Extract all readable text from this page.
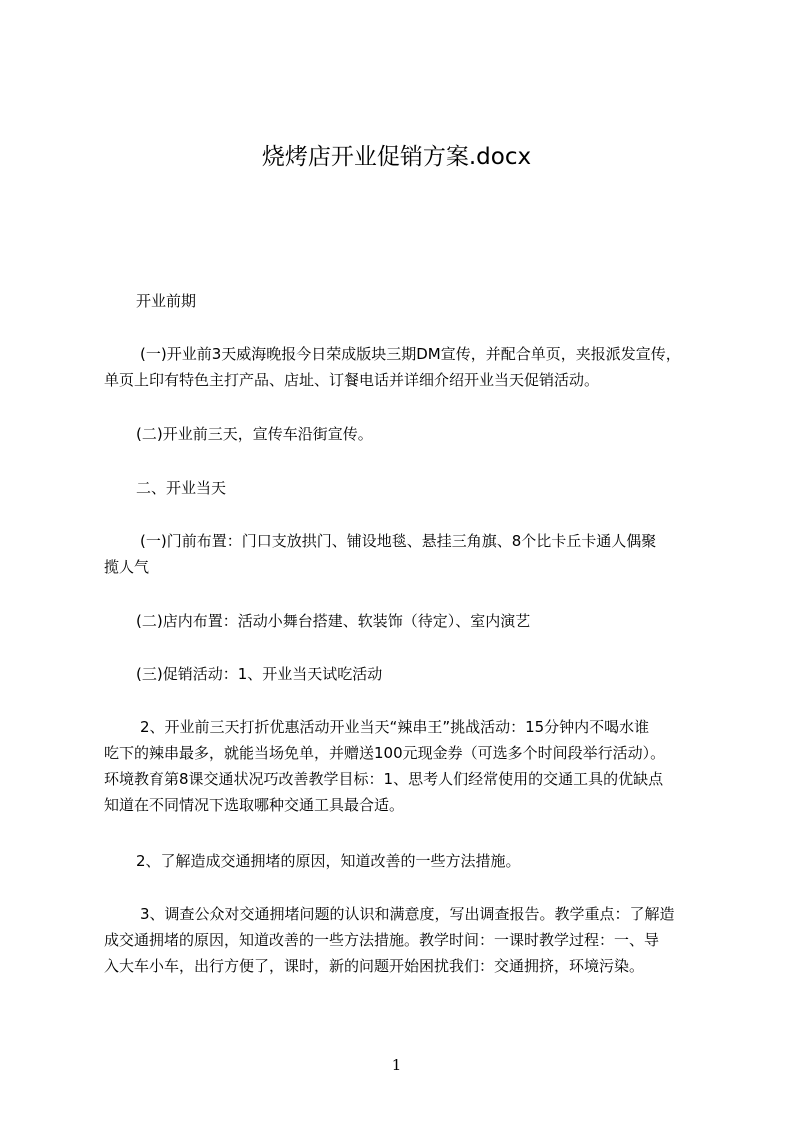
烧烤店开业促销方案.docx
开业前期
(一)开业前3天威海晚报今日荣成版块三期DM宣传，并配合单页，夹报派发宣传，
单页上印有特色主打产品、店址、订餐电话并详细介绍开业当天促销活动。
(二)开业前三天，宣传车沿街宣传。
二、开业当天
(一)门前布置：门口支放拱门、铺设地毯、悬挂三角旗、8个比卡丘卡通人偶聚
揽人气
(二)店内布置：活动小舞台搭建、软装饰（待定）、室内演艺
(三)促销活动：1、开业当天试吃活动
2、开业前三天打折优惠活动开业当天“辣串王”挑战活动：15分钟内不喝水谁
吃下的辣串最多，就能当场免单，并赠送100元现金券（可选多个时间段举行活动）。
环境教育第8课交通状况巧改善教学目标：1、思考人们经常使用的交通工具的优缺点
知道在不同情况下选取哪种交通工具最合适。
2、了解造成交通拥堵的原因，知道改善的一些方法措施。
3、调查公众对交通拥堵问题的认识和满意度，写出调查报告。教学重点：了解造
成交通拥堵的原因，知道改善的一些方法措施。教学时间：一课时教学过程：一、导
入大车小车，出行方便了，课时，新的问题开始困扰我们：交通拥挤，环境污染。
1
